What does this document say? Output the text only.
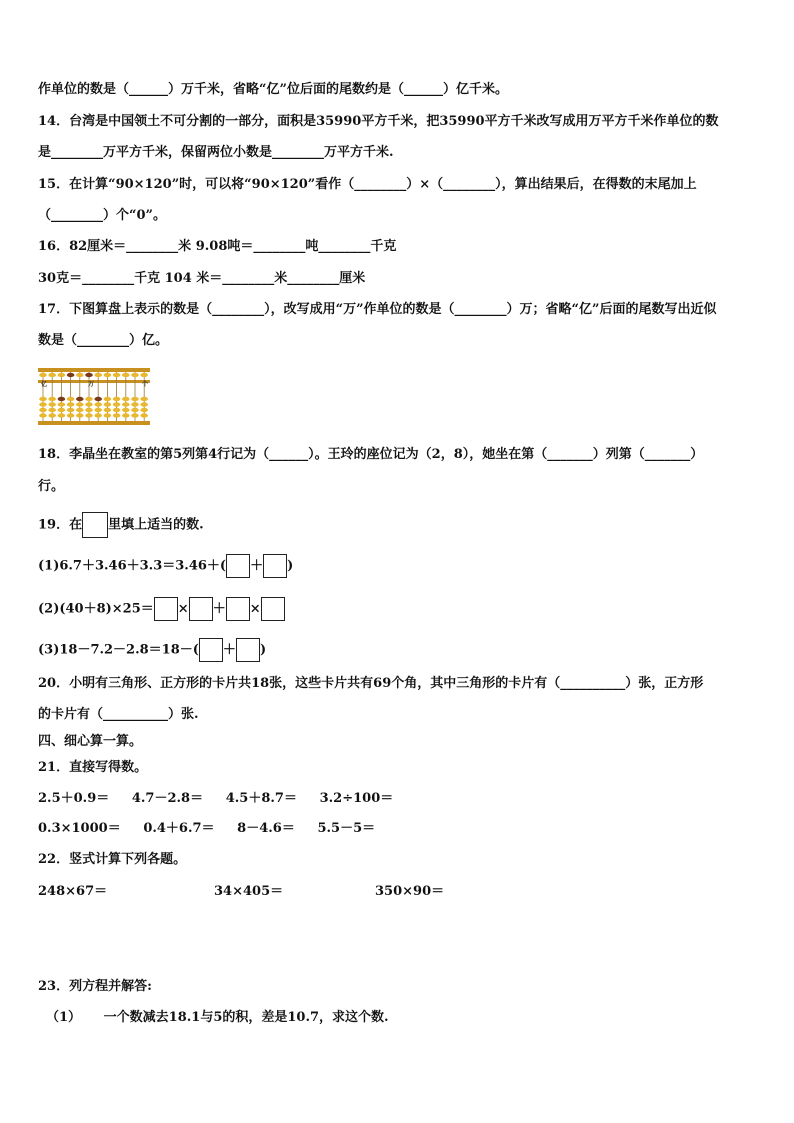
作单位的数是（______）万千米，省略“亿”位后面的尾数约是（______）亿千米。
14．台湾是中国领土不可分割的一部分，面积是35990平方千米，把35990平方千米改写成用万平方千米作单位的数
是________万平方千米，保留两位小数是________万平方千米.
15．在计算“90×120”时，可以将“90×120”看作（________）×（________），算出结果后，在得数的末尾加上
（________）个“0”。
16．82厘米＝________米 9.08吨＝________吨________千克
30克＝________千克 104 米＝________米________厘米
17．下图算盘上表示的数是（________），改写成用“万”作单位的数是（________）万；省略“亿”后面的尾数写出近似
数是（________）亿。
亿	万	个
18．李晶坐在教室的第5列第4行记为（______）。王玲的座位记为（2，8），她坐在第（_______）列第（_______）
行。
19．在 里填上适当的数.
(1)6.7＋3.46＋3.3＝3.46＋( ＋ )
(2)(40＋8)×25＝ × ＋ ×
(3)18－7.2－2.8＝18－( ＋ )
20．小明有三角形、正方形的卡片共18张，这些卡片共有69个角，其中三角形的卡片有（__________）张，正方形
的卡片有（__________）张.
四、细心算一算。
21．直接写得数。
2.5＋0.9＝     4.7－2.8＝     4.5＋8.7＝     3.2÷100＝
0.3×1000＝     0.4＋6.7＝     8－4.6＝     5.5－5＝
22．竖式计算下列各题。
248×67＝	34×405＝	350×90＝
23．列方程并解答:
（1）     一个数减去18.1与5的积，差是10.7，求这个数.
